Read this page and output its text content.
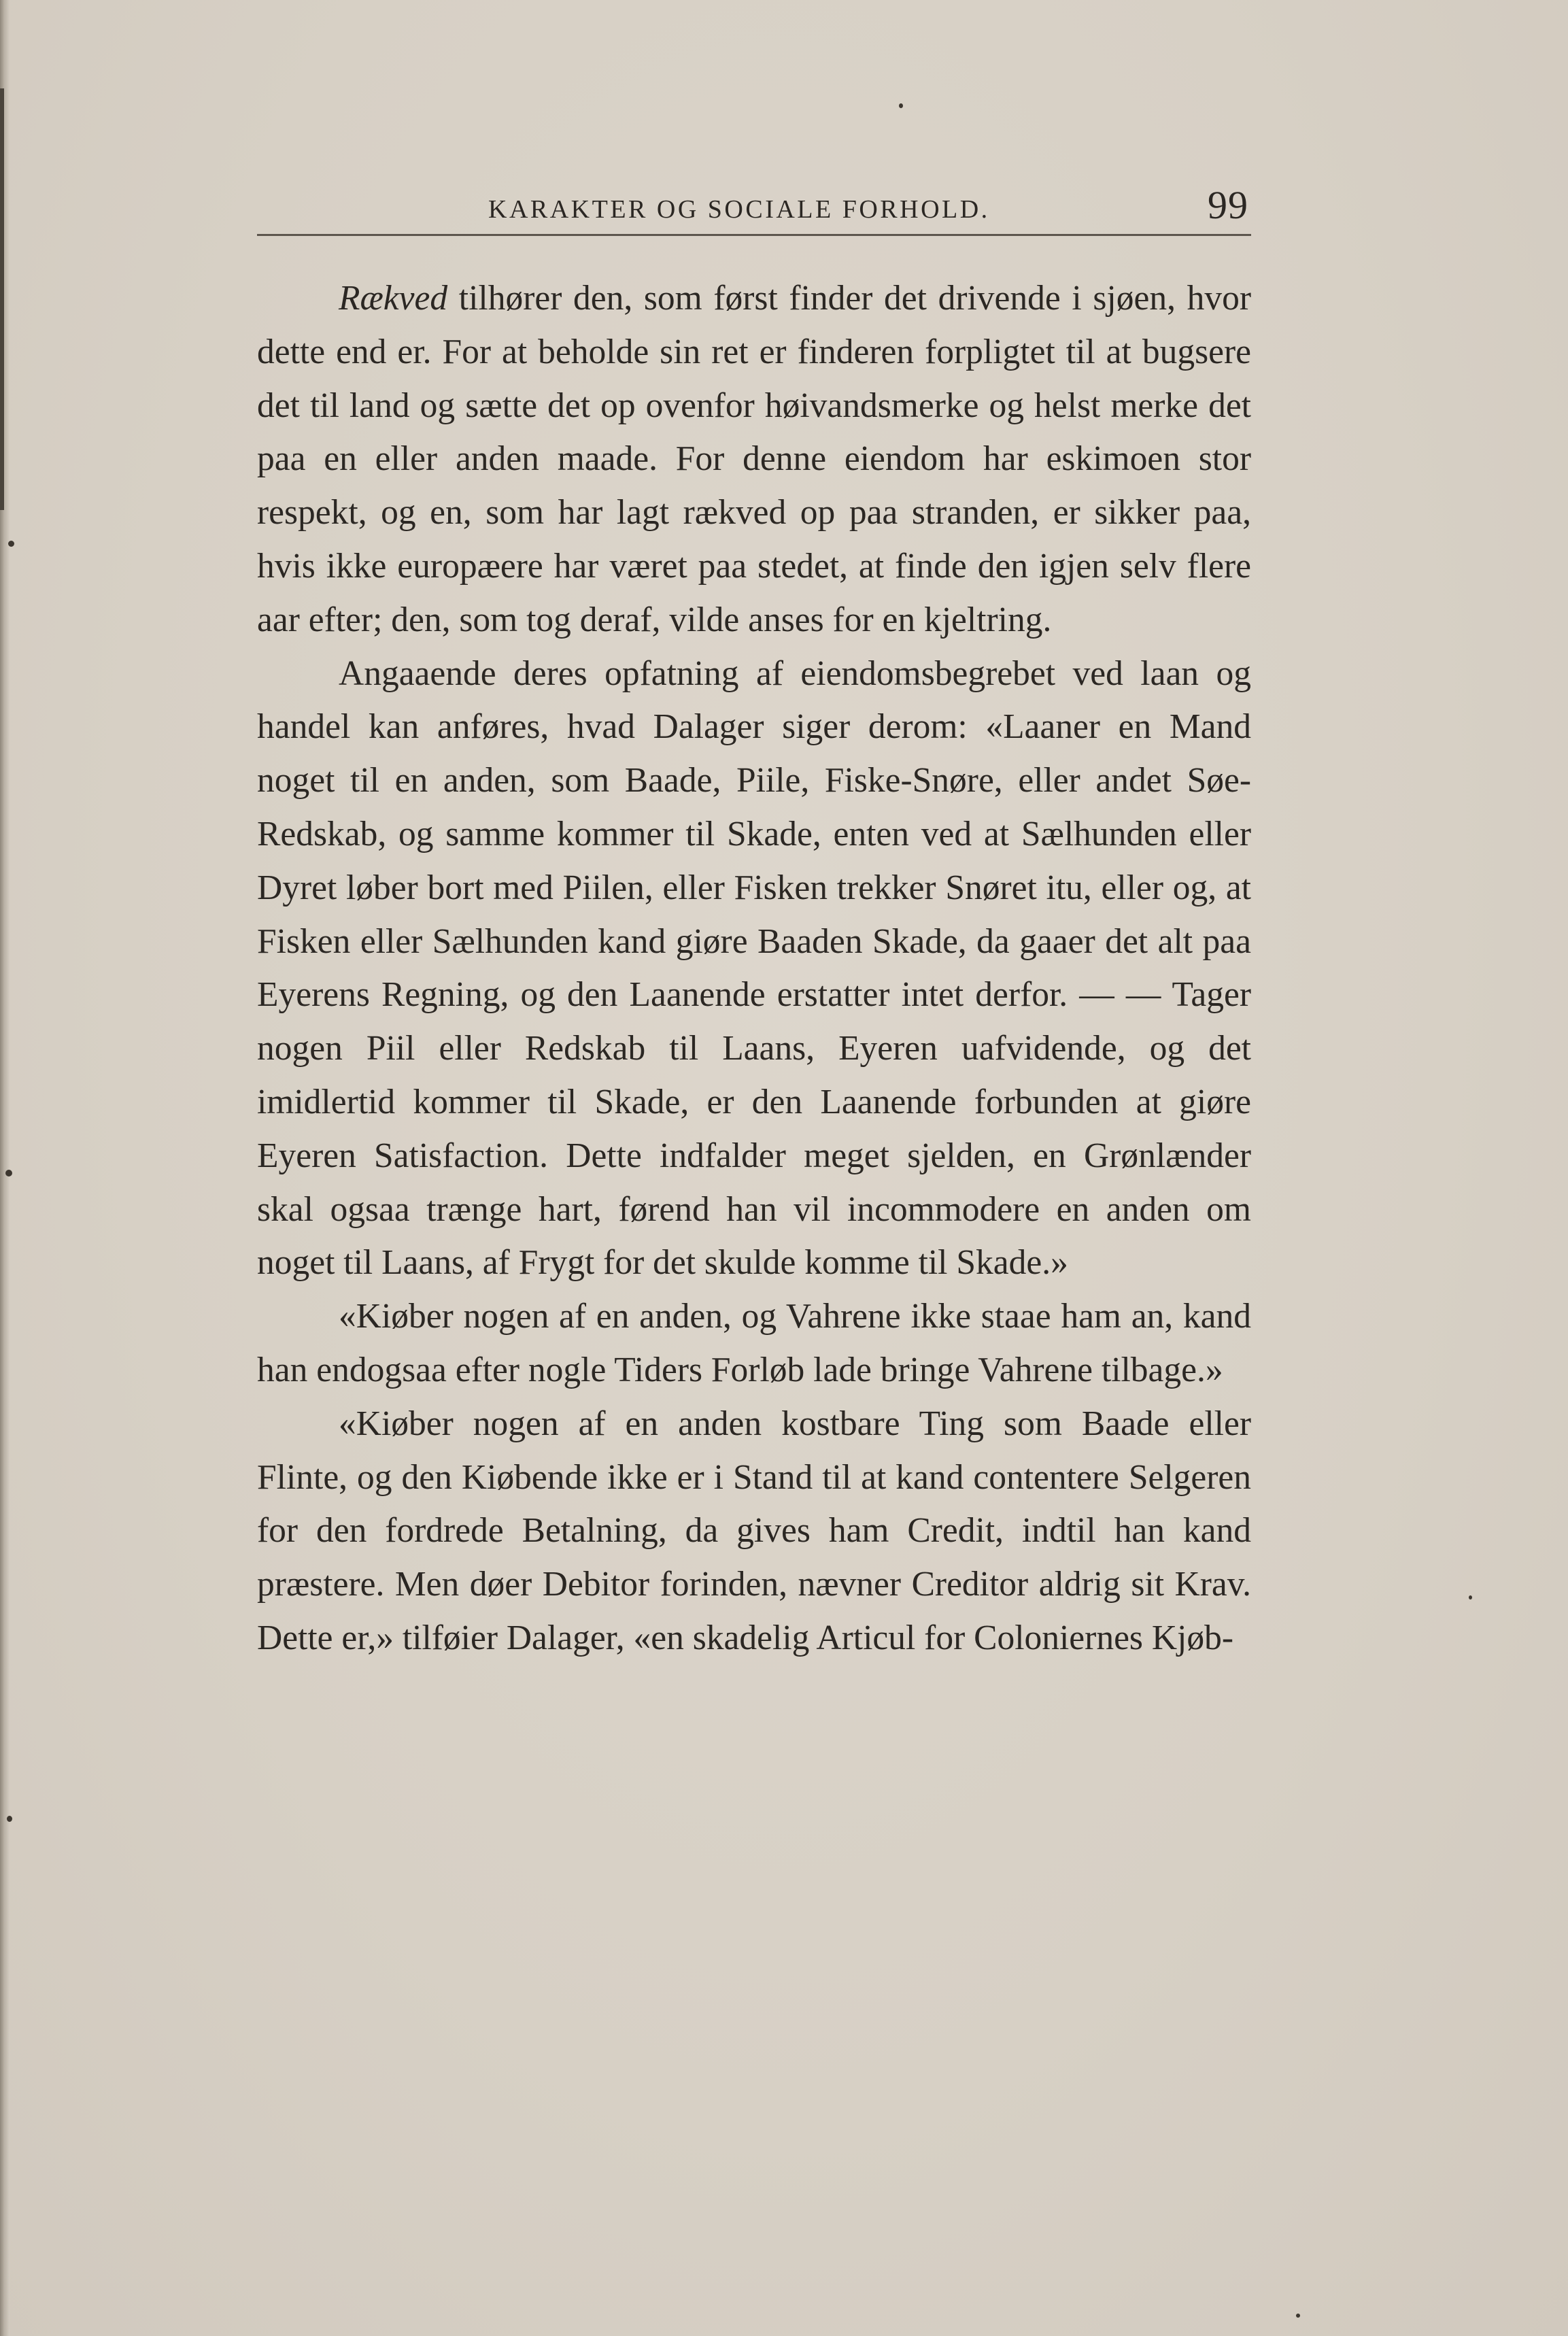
KARAKTER OG SOCIALE FORHOLD.	99

Rækved tilhører den, som først finder det drivende i sjøen, hvor dette end er. For at beholde sin ret er finderen forpligtet til at bugsere det til land og sætte det op ovenfor høivandsmerke og helst merke det paa en eller anden maade. For denne eiendom har eskimoen stor respekt, og en, som har lagt rækved op paa stranden, er sikker paa, hvis ikke europæere har været paa stedet, at finde den igjen selv flere aar efter; den, som tog deraf, vilde anses for en kjeltring.

Angaaende deres opfatning af eiendomsbegrebet ved laan og handel kan anføres, hvad Dalager siger derom: «Laaner en Mand noget til en anden, som Baade, Piile, Fiske-Snøre, eller andet Søe-Redskab, og samme kommer til Skade, enten ved at Sælhunden eller Dyret løber bort med Piilen, eller Fisken trekker Snøret itu, eller og, at Fisken eller Sælhunden kand giøre Baaden Skade, da gaaer det alt paa Eyerens Regning, og den Laanende erstatter intet derfor. — — Tager nogen Piil eller Redskab til Laans, Eyeren uafvidende, og det imidlertid kommer til Skade, er den Laanende forbunden at giøre Eyeren Satisfaction. Dette indfalder meget sjelden, en Grønlænder skal ogsaa trænge hart, førend han vil incommodere en anden om noget til Laans, af Frygt for det skulde komme til Skade.»

«Kiøber nogen af en anden, og Vahrene ikke staae ham an, kand han endogsaa efter nogle Tiders Forløb lade bringe Vahrene tilbage.»

«Kiøber nogen af en anden kostbare Ting som Baade eller Flinte, og den Kiøbende ikke er i Stand til at kand contentere Selgeren for den fordrede Betalning, da gives ham Credit, indtil han kand præstere. Men døer Debitor forinden, nævner Creditor aldrig sit Krav. Dette er,» tilføier Dalager, «en skadelig Articul for Coloniernes Kjøb-
